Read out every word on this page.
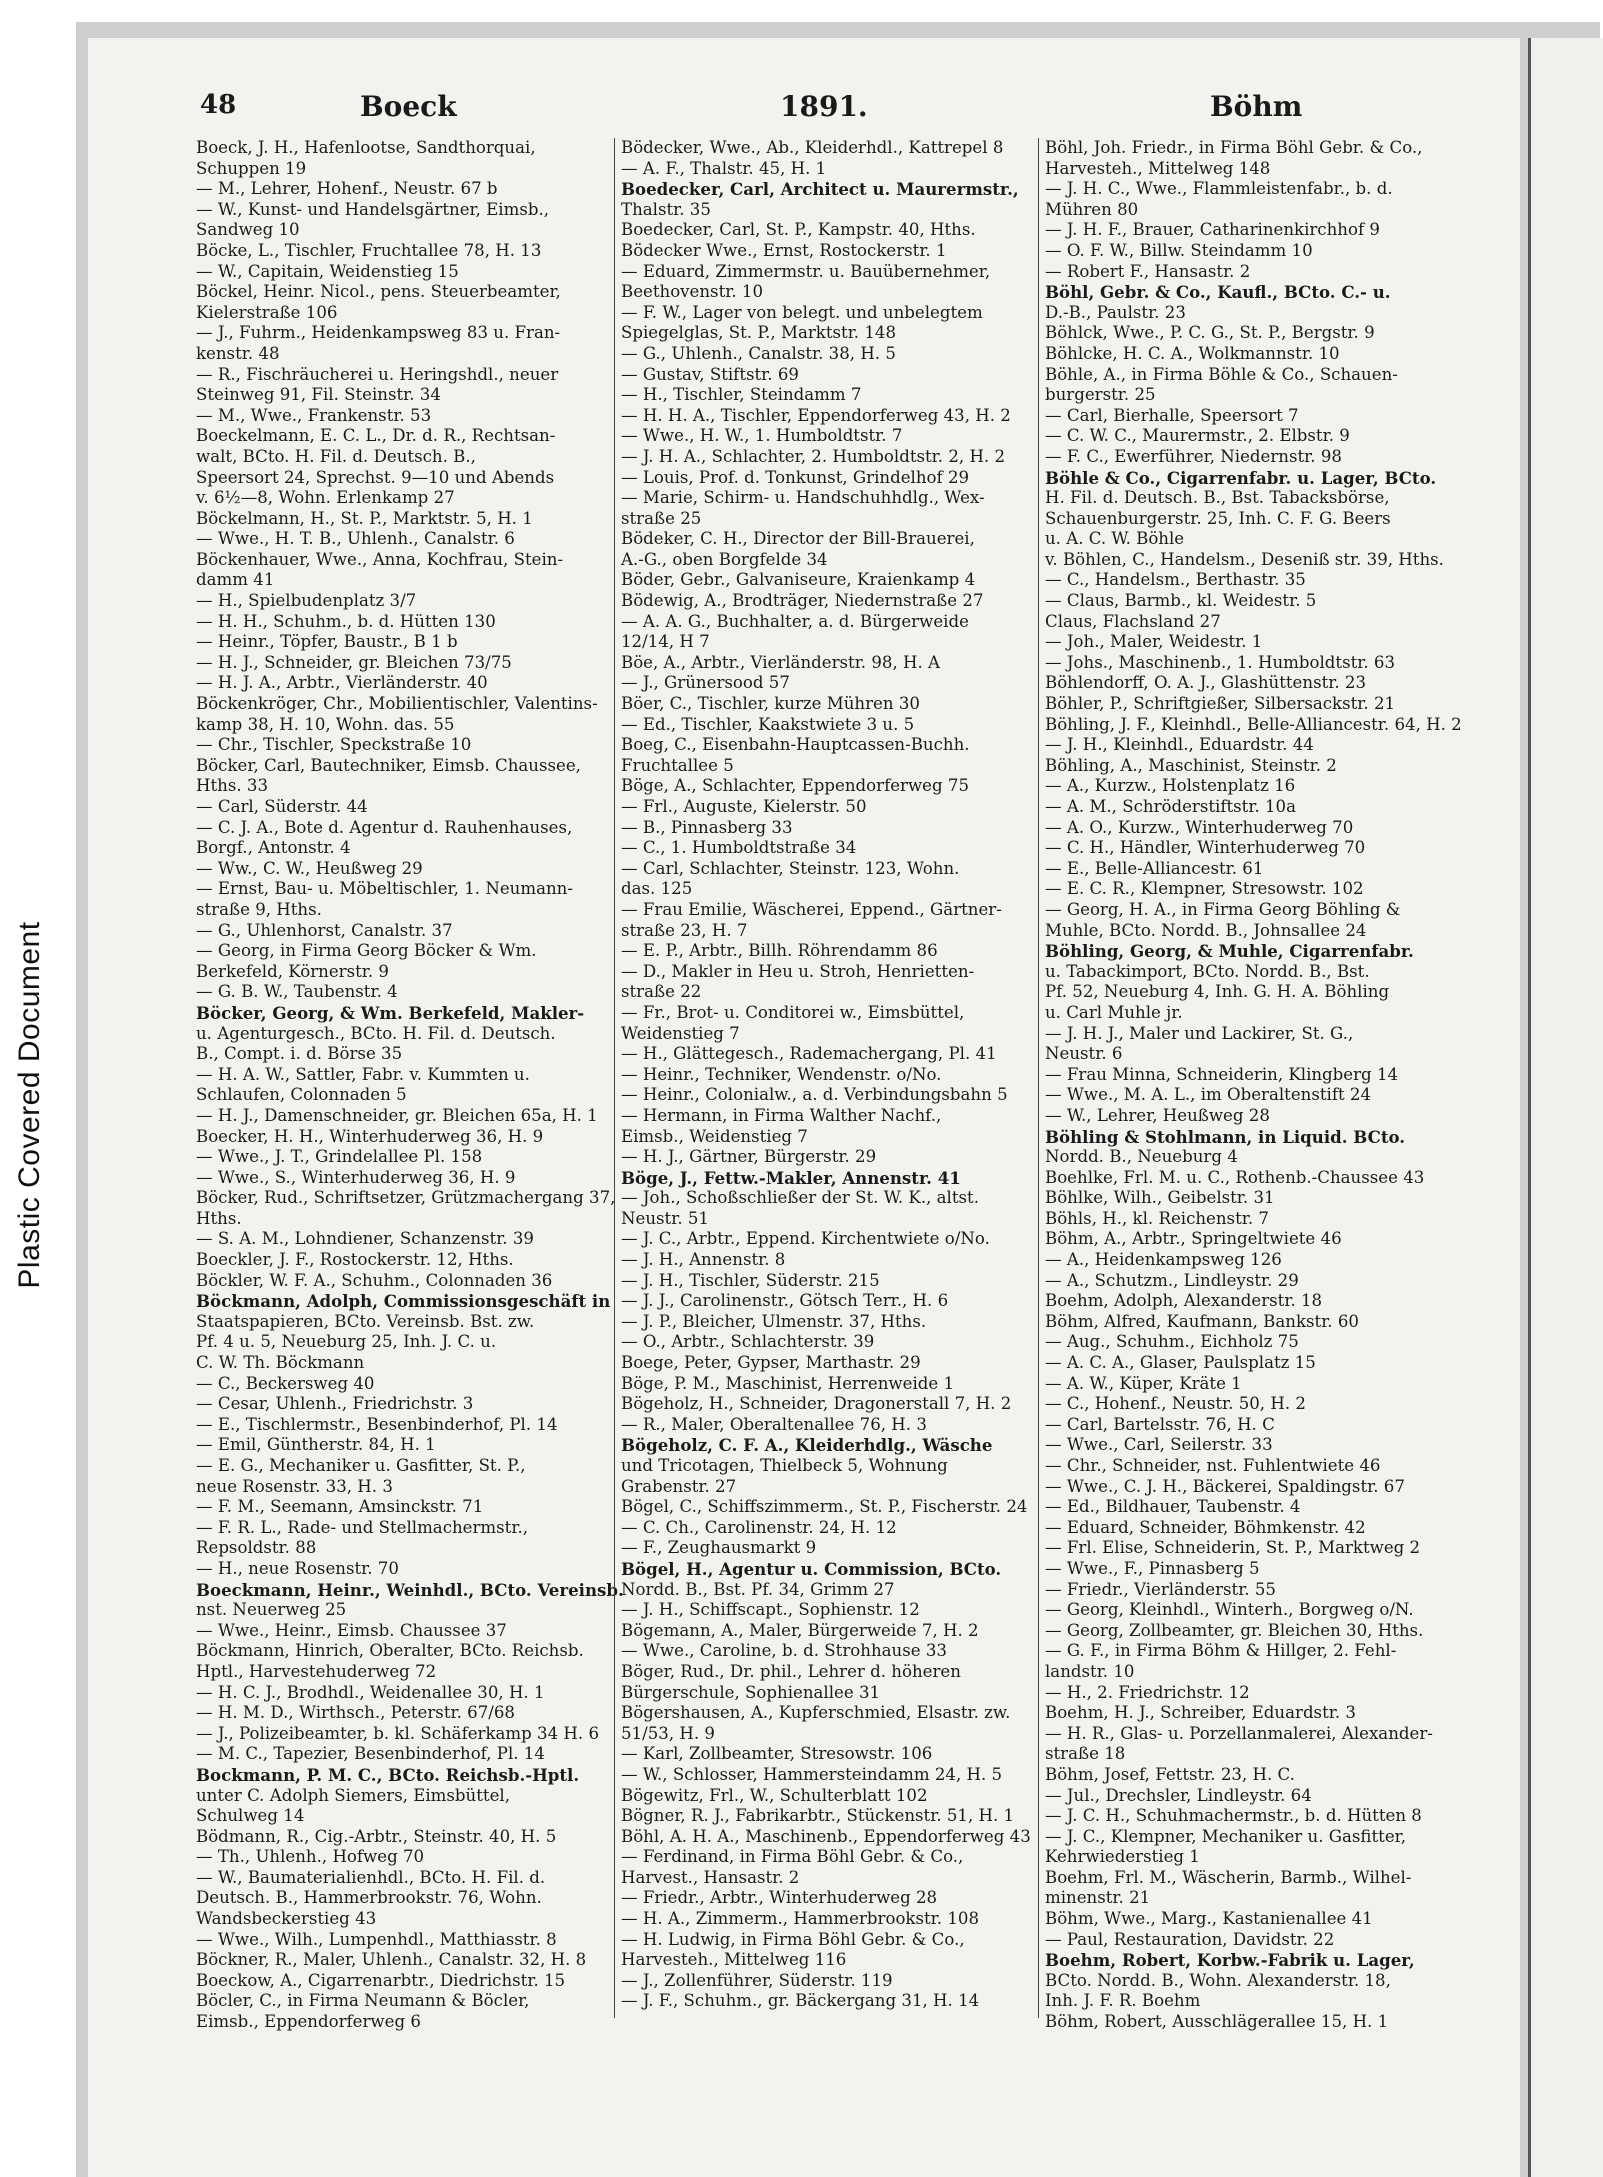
Plastic Covered Document
48	Boeck	1891.	Böhm
Boeck, J. H., Hafenlootse, Sandthorquai,
Schuppen 19
— M., Lehrer, Hohenf., Neustr. 67 b
— W., Kunst- und Handelsgärtner, Eimsb.,
Sandweg 10
Böcke, L., Tischler, Fruchtallee 78, H. 13
— W., Capitain, Weidenstieg 15
Böckel, Heinr. Nicol., pens. Steuerbeamter,
Kielerstraße 106
— J., Fuhrm., Heidenkampsweg 83 u. Fran-
kenstr. 48
— R., Fischräucherei u. Heringshdl., neuer
Steinweg 91, Fil. Steinstr. 34
— M., Wwe., Frankenstr. 53
Boeckelmann, E. C. L., Dr. d. R., Rechtsan-
walt, BCto. H. Fil. d. Deutsch. B.,
Speersort 24, Sprechst. 9—10 und Abends
v. 6½—8, Wohn. Erlenkamp 27
Böckelmann, H., St. P., Marktstr. 5, H. 1
— Wwe., H. T. B., Uhlenh., Canalstr. 6
Böckenhauer, Wwe., Anna, Kochfrau, Stein-
damm 41
— H., Spielbudenplatz 3/7
— H. H., Schuhm., b. d. Hütten 130
— Heinr., Töpfer, Baustr., B 1 b
— H. J., Schneider, gr. Bleichen 73/75
— H. J. A., Arbtr., Vierländerstr. 40
Böckenkröger, Chr., Mobilientischler, Valentins-
kamp 38, H. 10, Wohn. das. 55
— Chr., Tischler, Speckstraße 10
Böcker, Carl, Bautechniker, Eimsb. Chaussee,
Hths. 33
— Carl, Süderstr. 44
— C. J. A., Bote d. Agentur d. Rauhenhauses,
Borgf., Antonstr. 4
— Ww., C. W., Heußweg 29
— Ernst, Bau- u. Möbeltischler, 1. Neumann-
straße 9, Hths.
— G., Uhlenhorst, Canalstr. 37
— Georg, in Firma Georg Böcker & Wm.
Berkefeld, Körnerstr. 9
— G. B. W., Taubenstr. 4
Böcker, Georg, & Wm. Berkefeld, Makler-
u. Agenturgesch., BCto. H. Fil. d. Deutsch.
B., Compt. i. d. Börse 35
— H. A. W., Sattler, Fabr. v. Kummten u.
Schlaufen, Colonnaden 5
— H. J., Damenschneider, gr. Bleichen 65a, H. 1
Boecker, H. H., Winterhuderweg 36, H. 9
— Wwe., J. T., Grindelallee Pl. 158
— Wwe., S., Winterhuderweg 36, H. 9
Böcker, Rud., Schriftsetzer, Grützmachergang 37,
Hths.
— S. A. M., Lohndiener, Schanzenstr. 39
Boeckler, J. F., Rostockerstr. 12, Hths.
Böckler, W. F. A., Schuhm., Colonnaden 36
Böckmann, Adolph, Commissionsgeschäft in
Staatspapieren, BCto. Vereinsb. Bst. zw.
Pf. 4 u. 5, Neueburg 25, Inh. J. C. u.
C. W. Th. Böckmann
— C., Beckersweg 40
— Cesar, Uhlenh., Friedrichstr. 3
— E., Tischlermstr., Besenbinderhof, Pl. 14
— Emil, Güntherstr. 84, H. 1
— E. G., Mechaniker u. Gasfitter, St. P.,
neue Rosenstr. 33, H. 3
— F. M., Seemann, Amsinckstr. 71
— F. R. L., Rade- und Stellmachermstr.,
Repsoldstr. 88
— H., neue Rosenstr. 70
Boeckmann, Heinr., Weinhdl., BCto. Vereinsb.
nst. Neuerweg 25
— Wwe., Heinr., Eimsb. Chaussee 37
Böckmann, Hinrich, Oberalter, BCto. Reichsb.
Hptl., Harvestehuderweg 72
— H. C. J., Brodhdl., Weidenallee 30, H. 1
— H. M. D., Wirthsch., Peterstr. 67/68
— J., Polizeibeamter, b. kl. Schäferkamp 34 H. 6
— M. C., Tapezier, Besenbinderhof, Pl. 14
Bockmann, P. M. C., BCto. Reichsb.-Hptl.
unter C. Adolph Siemers, Eimsbüttel,
Schulweg 14
Bödmann, R., Cig.-Arbtr., Steinstr. 40, H. 5
— Th., Uhlenh., Hofweg 70
— W., Baumaterialienhdl., BCto. H. Fil. d.
Deutsch. B., Hammerbrookstr. 76, Wohn.
Wandsbeckerstieg 43
— Wwe., Wilh., Lumpenhdl., Matthiasstr. 8
Böckner, R., Maler, Uhlenh., Canalstr. 32, H. 8
Boeckow, A., Cigarrenarbtr., Diedrichstr. 15
Böcler, C., in Firma Neumann & Böcler,
Eimsb., Eppendorferweg 6
Bödecker, Wwe., Ab., Kleiderhdl., Kattrepel 8
— A. F., Thalstr. 45, H. 1
Boedecker, Carl, Architect u. Maurermstr.,
Thalstr. 35
Boedecker, Carl, St. P., Kampstr. 40, Hths.
Bödecker Wwe., Ernst, Rostockerstr. 1
— Eduard, Zimmermstr. u. Bauübernehmer,
Beethovenstr. 10
— F. W., Lager von belegt. und unbelegtem
Spiegelglas, St. P., Marktstr. 148
— G., Uhlenh., Canalstr. 38, H. 5
— Gustav, Stiftstr. 69
— H., Tischler, Steindamm 7
— H. H. A., Tischler, Eppendorferweg 43, H. 2
— Wwe., H. W., 1. Humboldtstr. 7
— J. H. A., Schlachter, 2. Humboldtstr. 2, H. 2
— Louis, Prof. d. Tonkunst, Grindelhof 29
— Marie, Schirm- u. Handschuhhdlg., Wex-
straße 25
Bödeker, C. H., Director der Bill-Brauerei,
A.-G., oben Borgfelde 34
Böder, Gebr., Galvaniseure, Kraienkamp 4
Bödewig, A., Brodträger, Niedernstraße 27
— A. A. G., Buchhalter, a. d. Bürgerweide
12/14, H 7
Böe, A., Arbtr., Vierländerstr. 98, H. A
— J., Grünersood 57
Böer, C., Tischler, kurze Mühren 30
— Ed., Tischler, Kaakstwiete 3 u. 5
Boeg, C., Eisenbahn-Hauptcassen-Buchh.
Fruchtallee 5
Böge, A., Schlachter, Eppendorferweg 75
— Frl., Auguste, Kielerstr. 50
— B., Pinnasberg 33
— C., 1. Humboldtstraße 34
— Carl, Schlachter, Steinstr. 123, Wohn.
das. 125
— Frau Emilie, Wäscherei, Eppend., Gärtner-
straße 23, H. 7
— E. P., Arbtr., Billh. Röhrendamm 86
— D., Makler in Heu u. Stroh, Henrietten-
straße 22
— Fr., Brot- u. Conditorei w., Eimsbüttel,
Weidenstieg 7
— H., Glättegesch., Rademachergang, Pl. 41
— Heinr., Techniker, Wendenstr. o/No.
— Heinr., Colonialw., a. d. Verbindungsbahn 5
— Hermann, in Firma Walther Nachf.,
Eimsb., Weidenstieg 7
— H. J., Gärtner, Bürgerstr. 29
Böge, J., Fettw.-Makler, Annenstr. 41
— Joh., Schoßschließer der St. W. K., altst.
Neustr. 51
— J. C., Arbtr., Eppend. Kirchentwiete o/No.
— J. H., Annenstr. 8
— J. H., Tischler, Süderstr. 215
— J. J., Carolinenstr., Götsch Terr., H. 6
— J. P., Bleicher, Ulmenstr. 37, Hths.
— O., Arbtr., Schlachterstr. 39
Boege, Peter, Gypser, Marthastr. 29
Böge, P. M., Maschinist, Herrenweide 1
Bögeholz, H., Schneider, Dragonerstall 7, H. 2
— R., Maler, Oberaltenallee 76, H. 3
Bögeholz, C. F. A., Kleiderhdlg., Wäsche
und Tricotagen, Thielbeck 5, Wohnung
Grabenstr. 27
Bögel, C., Schiffszimmerm., St. P., Fischerstr. 24
— C. Ch., Carolinenstr. 24, H. 12
— F., Zeughausmarkt 9
Bögel, H., Agentur u. Commission, BCto.
Nordd. B., Bst. Pf. 34, Grimm 27
— J. H., Schiffscapt., Sophienstr. 12
Bögemann, A., Maler, Bürgerweide 7, H. 2
— Wwe., Caroline, b. d. Strohhause 33
Böger, Rud., Dr. phil., Lehrer d. höheren
Bürgerschule, Sophienallee 31
Bögershausen, A., Kupferschmied, Elsastr. zw.
51/53, H. 9
— Karl, Zollbeamter, Stresowstr. 106
— W., Schlosser, Hammersteindamm 24, H. 5
Bögewitz, Frl., W., Schulterblatt 102
Bögner, R. J., Fabrikarbtr., Stückenstr. 51, H. 1
Böhl, A. H. A., Maschinenb., Eppendorferweg 43
— Ferdinand, in Firma Böhl Gebr. & Co.,
Harvest., Hansastr. 2
— Friedr., Arbtr., Winterhuderweg 28
— H. A., Zimmerm., Hammerbrookstr. 108
— H. Ludwig, in Firma Böhl Gebr. & Co.,
Harvesteh., Mittelweg 116
— J., Zollenführer, Süderstr. 119
— J. F., Schuhm., gr. Bäckergang 31, H. 14
Böhl, Joh. Friedr., in Firma Böhl Gebr. & Co.,
Harvesteh., Mittelweg 148
— J. H. C., Wwe., Flammleistenfabr., b. d.
Mühren 80
— J. H. F., Brauer, Catharinenkirchhof 9
— O. F. W., Billw. Steindamm 10
— Robert F., Hansastr. 2
Böhl, Gebr. & Co., Kaufl., BCto. C.- u.
D.-B., Paulstr. 23
Böhlck, Wwe., P. C. G., St. P., Bergstr. 9
Böhlcke, H. C. A., Wolkmannstr. 10
Böhle, A., in Firma Böhle & Co., Schauen-
burgerstr. 25
— Carl, Bierhalle, Speersort 7
— C. W. C., Maurermstr., 2. Elbstr. 9
— F. C., Ewerführer, Niedernstr. 98
Böhle & Co., Cigarrenfabr. u. Lager, BCto.
H. Fil. d. Deutsch. B., Bst. Tabacksbörse,
Schauenburgerstr. 25, Inh. C. F. G. Beers
u. A. C. W. Böhle
v. Böhlen, C., Handelsm., Deseniß str. 39, Hths.
— C., Handelsm., Berthastr. 35
— Claus, Barmb., kl. Weidestr. 5
Claus, Flachsland 27
— Joh., Maler, Weidestr. 1
— Johs., Maschinenb., 1. Humboldtstr. 63
Böhlendorff, O. A. J., Glashüttenstr. 23
Böhler, P., Schriftgießer, Silbersackstr. 21
Böhling, J. F., Kleinhdl., Belle-Alliancestr. 64, H. 2
— J. H., Kleinhdl., Eduardstr. 44
Böhling, A., Maschinist, Steinstr. 2
— A., Kurzw., Holstenplatz 16
— A. M., Schröderstiftstr. 10a
— A. O., Kurzw., Winterhuderweg 70
— C. H., Händler, Winterhuderweg 70
— E., Belle-Alliancestr. 61
— E. C. R., Klempner, Stresowstr. 102
— Georg, H. A., in Firma Georg Böhling &
Muhle, BCto. Nordd. B., Johnsallee 24
Böhling, Georg, & Muhle, Cigarrenfabr.
u. Tabackimport, BCto. Nordd. B., Bst.
Pf. 52, Neueburg 4, Inh. G. H. A. Böhling
u. Carl Muhle jr.
— J. H. J., Maler und Lackirer, St. G.,
Neustr. 6
— Frau Minna, Schneiderin, Klingberg 14
— Wwe., M. A. L., im Oberaltenstift 24
— W., Lehrer, Heußweg 28
Böhling & Stohlmann, in Liquid. BCto.
Nordd. B., Neueburg 4
Boehlke, Frl. M. u. C., Rothenb.-Chaussee 43
Böhlke, Wilh., Geibelstr. 31
Böhls, H., kl. Reichenstr. 7
Böhm, A., Arbtr., Springeltwiete 46
— A., Heidenkampsweg 126
— A., Schutzm., Lindleystr. 29
Boehm, Adolph, Alexanderstr. 18
Böhm, Alfred, Kaufmann, Bankstr. 60
— Aug., Schuhm., Eichholz 75
— A. C. A., Glaser, Paulsplatz 15
— A. W., Küper, Kräte 1
— C., Hohenf., Neustr. 50, H. 2
— Carl, Bartelsstr. 76, H. C
— Wwe., Carl, Seilerstr. 33
— Chr., Schneider, nst. Fuhlentwiete 46
— Wwe., C. J. H., Bäckerei, Spaldingstr. 67
— Ed., Bildhauer, Taubenstr. 4
— Eduard, Schneider, Böhmkenstr. 42
— Frl. Elise, Schneiderin, St. P., Marktweg 2
— Wwe., F., Pinnasberg 5
— Friedr., Vierländerstr. 55
— Georg, Kleinhdl., Winterh., Borgweg o/N.
— Georg, Zollbeamter, gr. Bleichen 30, Hths.
— G. F., in Firma Böhm & Hillger, 2. Fehl-
landstr. 10
— H., 2. Friedrichstr. 12
Boehm, H. J., Schreiber, Eduardstr. 3
— H. R., Glas- u. Porzellanmalerei, Alexander-
straße 18
Böhm, Josef, Fettstr. 23, H. C.
— Jul., Drechsler, Lindleystr. 64
— J. C. H., Schuhmachermstr., b. d. Hütten 8
— J. C., Klempner, Mechaniker u. Gasfitter,
Kehrwiederstieg 1
Boehm, Frl. M., Wäscherin, Barmb., Wilhel-
minenstr. 21
Böhm, Wwe., Marg., Kastanienallee 41
— Paul, Restauration, Davidstr. 22
Boehm, Robert, Korbw.-Fabrik u. Lager,
BCto. Nordd. B., Wohn. Alexanderstr. 18,
Inh. J. F. R. Boehm
Böhm, Robert, Ausschlägerallee 15, H. 1
